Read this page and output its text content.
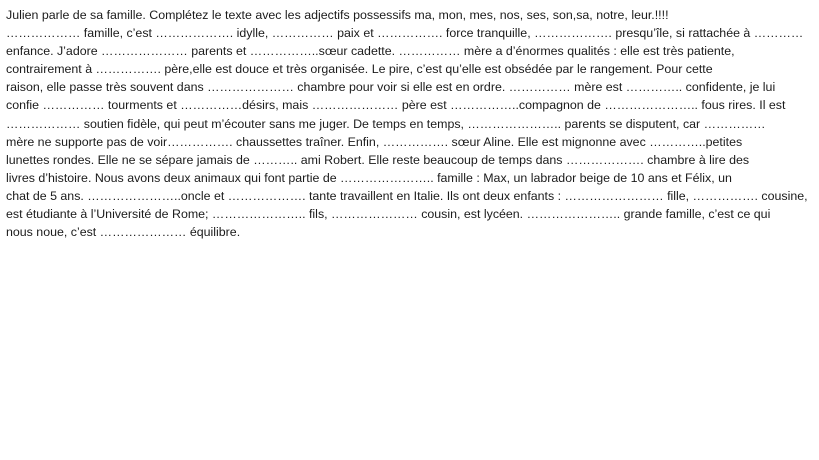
Julien parle de sa famille. Complétez le texte avec les adjectifs possessifs ma, mon, mes, nos, ses, son,sa, notre, leur.!!!!
……………… famille, c’est ………………. idylle, …………… paix et ……………. force tranquille, ………………. presqu’île, si rattachée à …………
enfance. J’adore ………………… parents et ……………..sœur cadette. …………… mère a d’énormes qualités : elle est très patiente,
contrairement à ……………. père,elle est douce et très organisée. Le pire, c’est qu’elle est obsédée par le rangement. Pour cette
raison, elle passe très souvent dans ………………… chambre pour voir si elle est en ordre. …………… mère est ………….. confidente, je lui
confie …………… tourments et ……………désirs, mais ………………… père est ……………..compagnon de ………………….. fous rires. Il est
……………… soutien fidèle, qui peut m’écouter sans me juger. De temps en temps, ………………….. parents se disputent, car ……………
mère ne supporte pas de voir……………. chaussettes traîner. Enfin, ……………. sœur Aline. Elle est mignonne avec …………..petites
lunettes rondes. Elle ne se sépare jamais de ……….. ami Robert. Elle reste beaucoup de temps dans ………………. chambre à lire des
livres d’histoire. Nous avons deux animaux qui font partie de ………………….. famille : Max, un labrador beige de 10 ans et Félix, un
chat de 5 ans. …………………..oncle et ………………. tante travaillent en Italie. Ils ont deux enfants : …………………… fille, ……………. cousine,
est étudiante à l’Université de Rome; ………………….. fils, ………………… cousin, est lycéen. ………………….. grande famille, c’est ce qui
nous noue, c’est ………………… équilibre.
